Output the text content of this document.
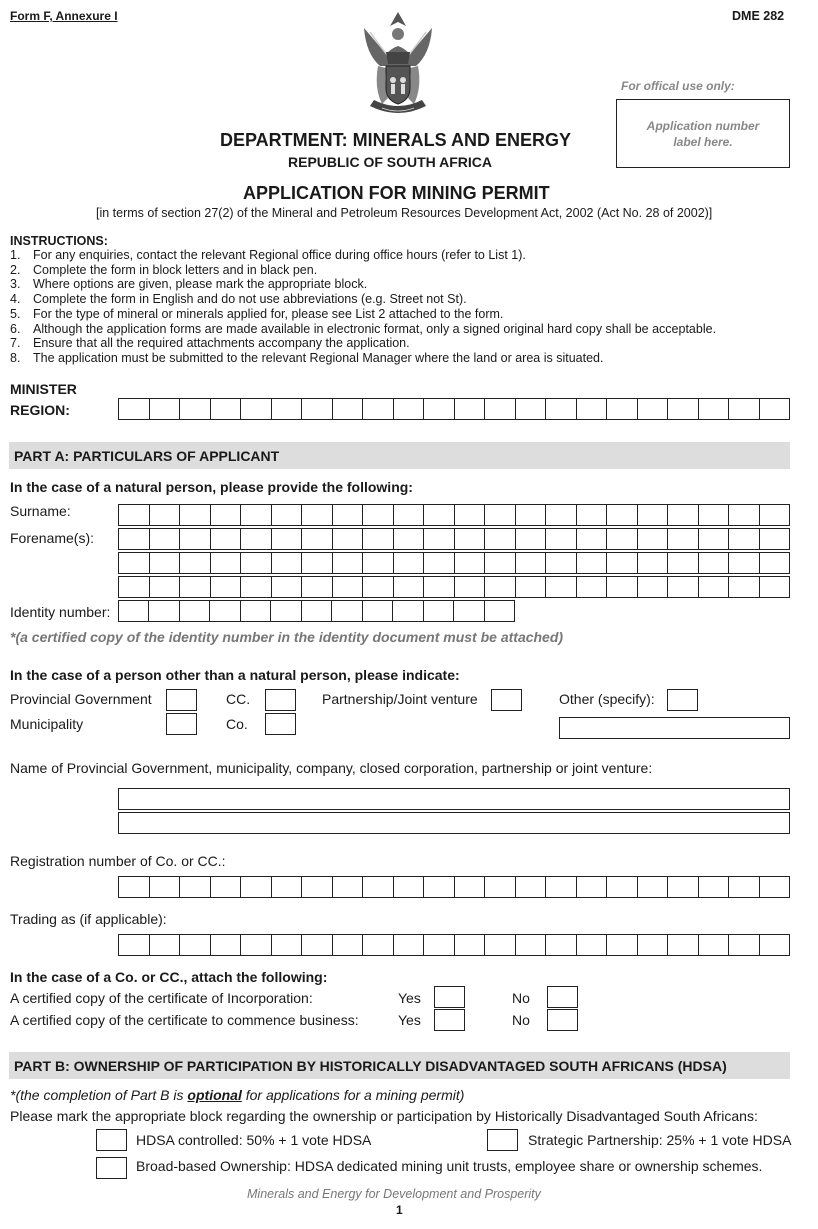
Form F, Annexure I	DME 282
For offical use only:
Application number
label here.
DEPARTMENT: MINERALS AND ENERGY
REPUBLIC OF SOUTH AFRICA
APPLICATION FOR MINING PERMIT
[in terms of section 27(2) of the Mineral and Petroleum Resources Development Act, 2002 (Act No. 28 of 2002)]
INSTRUCTIONS:
1. For any enquiries, contact the relevant Regional office during office hours (refer to List 1).
2. Complete the form in block letters and in black pen.
3. Where options are given, please mark the appropriate block.
4. Complete the form in English and do not use abbreviations (e.g. Street not St).
5. For the type of mineral or minerals applied for, please see List 2 attached to the form.
6. Although the application forms are made available in electronic format, only a signed original hard copy shall be acceptable.
7. Ensure that all the required attachments accompany the application.
8. The application must be submitted to the relevant Regional Manager where the land or area is situated.
MINISTER
REGION:
PART A: PARTICULARS OF APPLICANT
In the case of a natural person, please provide the following:
Surname:
Forename(s):
Identity number:
*(a certified copy of the identity number in the identity document must be attached)
In the case of a person other than a natural person, please indicate:
Provincial Government	CC.	Partnership/Joint venture	Other (specify):
Municipality	Co.
Name of Provincial Government, municipality, company, closed corporation, partnership or joint venture:
Registration number of Co. or CC.:
Trading as (if applicable):
In the case of a Co. or CC., attach the following:
A certified copy of the certificate of Incorporation:	Yes	No
A certified copy of the certificate to commence business:	Yes	No
PART B: OWNERSHIP OF PARTICIPATION BY HISTORICALLY DISADVANTAGED SOUTH AFRICANS (HDSA)
*(the completion of Part B is optional for applications for a mining permit)
Please mark the appropriate block regarding the ownership or participation by Historically Disadvantaged South Africans:
HDSA controlled: 50% + 1 vote HDSA	Strategic Partnership: 25% + 1 vote HDSA
Broad-based Ownership: HDSA dedicated mining unit trusts, employee share or ownership schemes.
Minerals and Energy for Development and Prosperity
1
